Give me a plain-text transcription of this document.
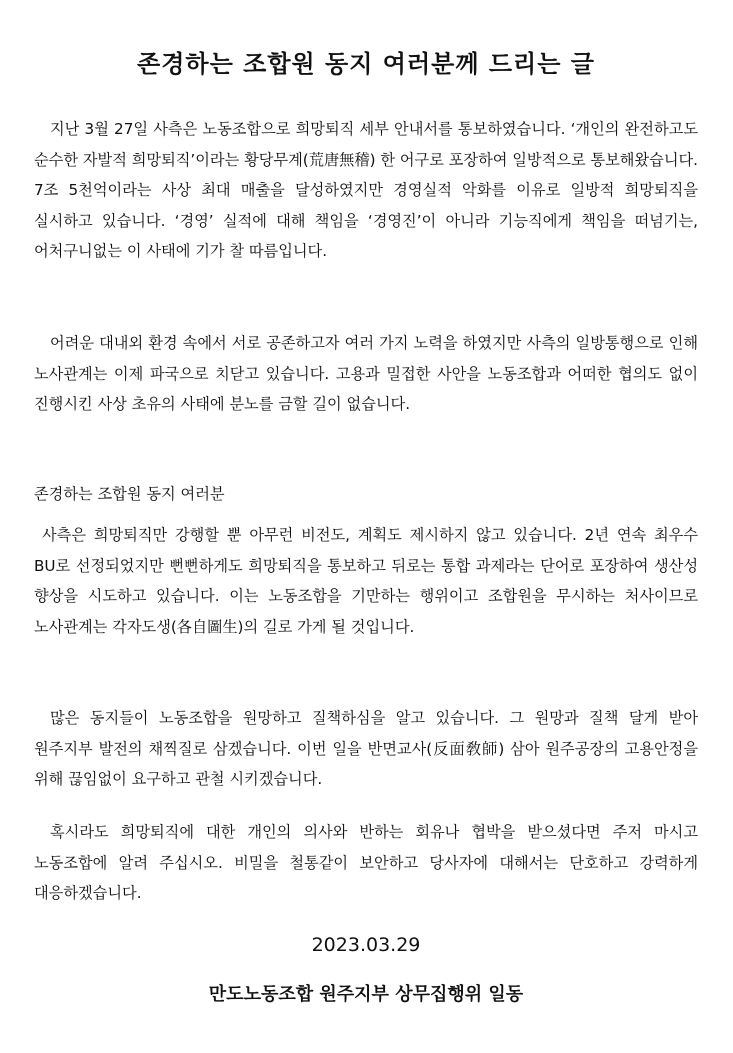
존경하는 조합원 동지 여러분께 드리는 글

지난 3월 27일 사측은 노동조합으로 희망퇴직 세부 안내서를 통보하였습니다. ‘개인의 완전하고도 순수한 자발적 희망퇴직’이라는 황당무계(荒唐無稽) 한 어구로 포장하여 일방적으로 통보해왔습니다. 7조 5천억이라는 사상 최대 매출을 달성하였지만 경영실적 악화를 이유로 일방적 희망퇴직을 실시하고 있습니다. ‘경영’ 실적에 대해 책임을 ‘경영진’이 아니라 기능직에게 책임을 떠넘기는, 어처구니없는 이 사태에 기가 찰 따름입니다.

어려운 대내외 환경 속에서 서로 공존하고자 여러 가지 노력을 하였지만 사측의 일방통행으로 인해 노사관계는 이제 파국으로 치닫고 있습니다. 고용과 밀접한 사안을 노동조합과 어떠한 협의도 없이 진행시킨 사상 초유의 사태에 분노를 금할 길이 없습니다.

존경하는 조합원 동지 여러분

사측은 희망퇴직만 강행할 뿐 아무런 비전도, 계획도 제시하지 않고 있습니다. 2년 연속 최우수 BU로 선정되었지만 뻔뻔하게도 희망퇴직을 통보하고 뒤로는 통합 과제라는 단어로 포장하여 생산성 향상을 시도하고 있습니다. 이는 노동조합을 기만하는 행위이고 조합원을 무시하는 처사이므로 노사관계는 각자도생(各自圖生)의 길로 가게 될 것입니다.

많은 동지들이 노동조합을 원망하고 질책하심을 알고 있습니다. 그 원망과 질책 달게 받아 원주지부 발전의 채찍질로 삼겠습니다. 이번 일을 반면교사(反面敎師) 삼아 원주공장의 고용안정을 위해 끊임없이 요구하고 관철 시키겠습니다.

혹시라도 희망퇴직에 대한 개인의 의사와 반하는 회유나 협박을 받으셨다면 주저 마시고 노동조합에 알려 주십시오. 비밀을 철통같이 보안하고 당사자에 대해서는 단호하고 강력하게 대응하겠습니다.

2023.03.29

만도노동조합 원주지부 상무집행위 일동
